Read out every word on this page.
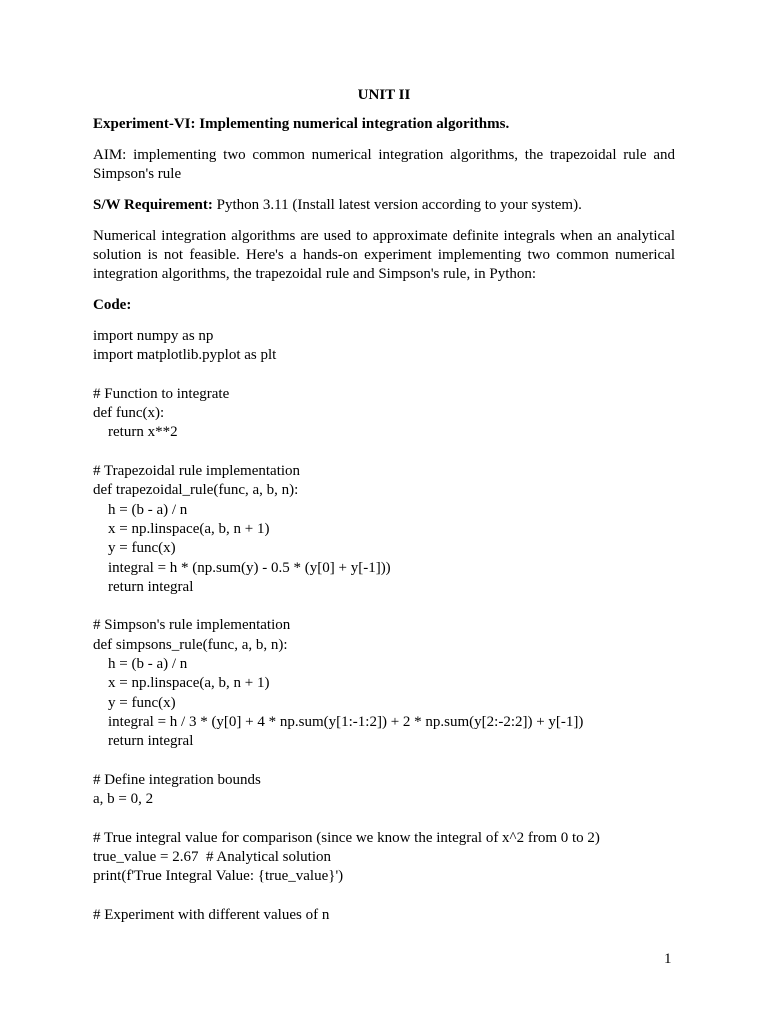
UNIT II
Experiment-VI: Implementing numerical integration algorithms.
AIM: implementing two common numerical integration algorithms, the trapezoidal rule and Simpson's rule
S/W Requirement: Python 3.11 (Install latest version according to your system).
Numerical integration algorithms are used to approximate definite integrals when an analytical solution is not feasible. Here's a hands-on experiment implementing two common numerical integration algorithms, the trapezoidal rule and Simpson's rule, in Python:
Code:
import numpy as np
import matplotlib.pyplot as plt
# Function to integrate
def func(x):
return x**2
# Trapezoidal rule implementation
def trapezoidal_rule(func, a, b, n):
h = (b - a) / n
x = np.linspace(a, b, n + 1)
y = func(x)
integral = h * (np.sum(y) - 0.5 * (y[0] + y[-1]))
return integral
# Simpson's rule implementation
def simpsons_rule(func, a, b, n):
h = (b - a) / n
x = np.linspace(a, b, n + 1)
y = func(x)
integral = h / 3 * (y[0] + 4 * np.sum(y[1:-1:2]) + 2 * np.sum(y[2:-2:2]) + y[-1])
return integral
# Define integration bounds
a, b = 0, 2
# True integral value for comparison (since we know the integral of x^2 from 0 to 2)
true_value = 2.67  # Analytical solution
print(f'True Integral Value: {true_value}')
# Experiment with different values of n
1
